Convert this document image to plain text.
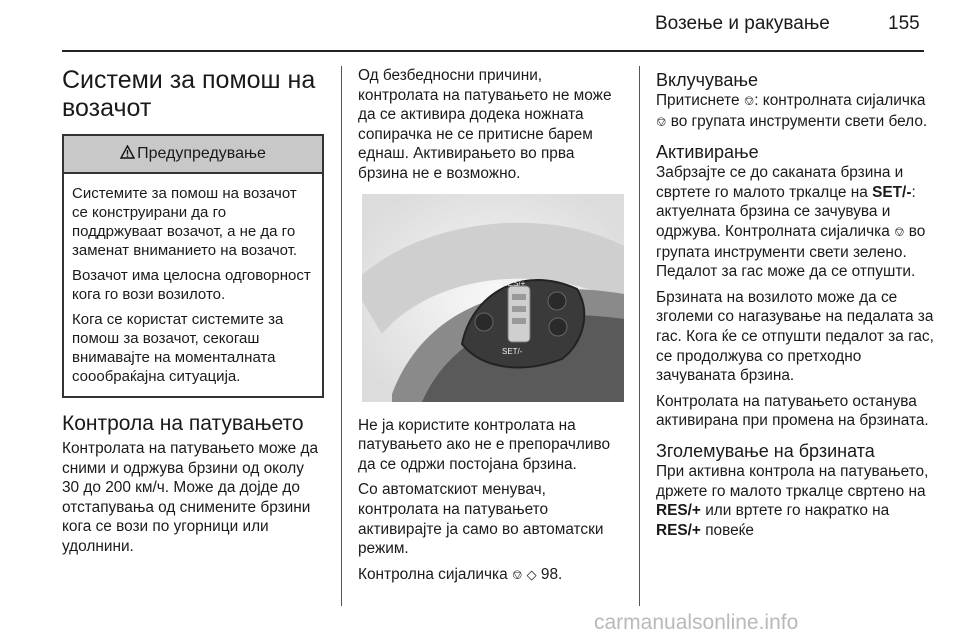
Возење и ракување	155
Системи за помош на возачот
Предупредување

Системите за помош на возачот се конструирани да го поддржуваат возачот, а не да го заменат вниманието на возачот.

Возачот има целосна одговорност кога го вози возилото.

Кога се користат системите за помош за возачот, секогаш внимавајте на моменталната соообраќајна ситуација.

Контрола на патувањето

Контролата на патувањето може да сними и одржува брзини од околу 30 до 200 км/ч. Може да дојде до отстапувања од снимените брзини кога се вози по угорници или удолнини.

Од безбедносни причини, контролата на патувањето не може да се активира додека ножната сопирачка не се притисне барем еднаш. Активирањето во прва брзина не е возможно.

RES/+
SET/-

Не ја користите контролата на патувањето ако не е препорачливо да се одржи постојана брзина.

Со автоматскиот менувач, контролата на патувањето активирајте ја само во автоматски режим.

Контролна сијаличка ⎊ ◇ 98.

Вклучување

Притиснете ⎊: контролната сијаличка ⎊ во групата инструменти свети бело.

Активирање

Забрзајте се до саканата брзина и свртете го малото тркалце на SET/-: актуелната брзина се зачувува и одржува. Контролната сијаличка ⎊ во групата инструменти свети зелено. Педалот за гас може да се отпушти.

Брзината на возилото може да се зголеми со нагазување на педалата за гас. Кога ќе се отпушти педалот за гас, се продолжува со претходно зачуваната брзина.

Контролата на патувањето останува активирана при промена на брзината.

Зголемување на брзината

При активна контрола на патувањето, држете го малото тркалце свртено на RES/+ или вртете го накратко на RES/+ повеќе

carmanualsonline.info
